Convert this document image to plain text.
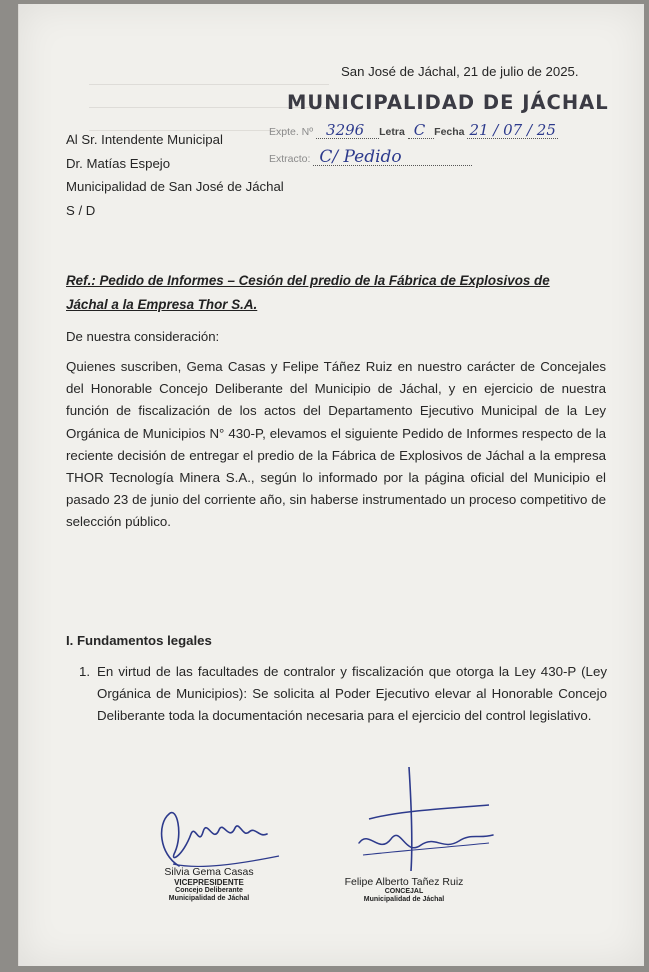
San José de Jáchal, 21 de julio de 2025.
MUNICIPALIDAD DE JÁCHAL
Expte. Nº 3296 Letra C Fecha 21 / 07 / 25
Extracto: C/ Pedido
Al Sr. Intendente Municipal
Dr. Matías Espejo
Municipalidad de San José de Jáchal
S / D
Ref.: Pedido de Informes – Cesión del predio de la Fábrica de Explosivos de
Jáchal a la Empresa Thor S.A.
De nuestra consideración:
Quienes suscriben, Gema Casas y Felipe Táñez Ruiz en nuestro carácter de Concejales del Honorable Concejo Deliberante del Municipio de Jáchal, y en ejercicio de nuestra función de fiscalización de los actos del Departamento Ejecutivo Municipal de la Ley Orgánica de Municipios N° 430-P, elevamos el siguiente Pedido de Informes respecto de la reciente decisión de entregar el predio de la Fábrica de Explosivos de Jáchal a la empresa THOR Tecnología Minera S.A., según lo informado por la página oficial del Municipio el pasado 23 de junio del corriente año, sin haberse instrumentado un proceso competitivo de selección público.
I. Fundamentos legales
1. En virtud de las facultades de contralor y fiscalización que otorga la Ley 430-P (Ley Orgánica de Municipios): Se solicita al Poder Ejecutivo elevar al Honorable Concejo Deliberante toda la documentación necesaria para el ejercicio del control legislativo.
Silvia Gema Casas
VICEPRESIDENTE
Concejo Deliberante
Municipalidad de Jáchal
Felipe Alberto Tañez Ruiz
CONCEJAL
Municipalidad de Jáchal
